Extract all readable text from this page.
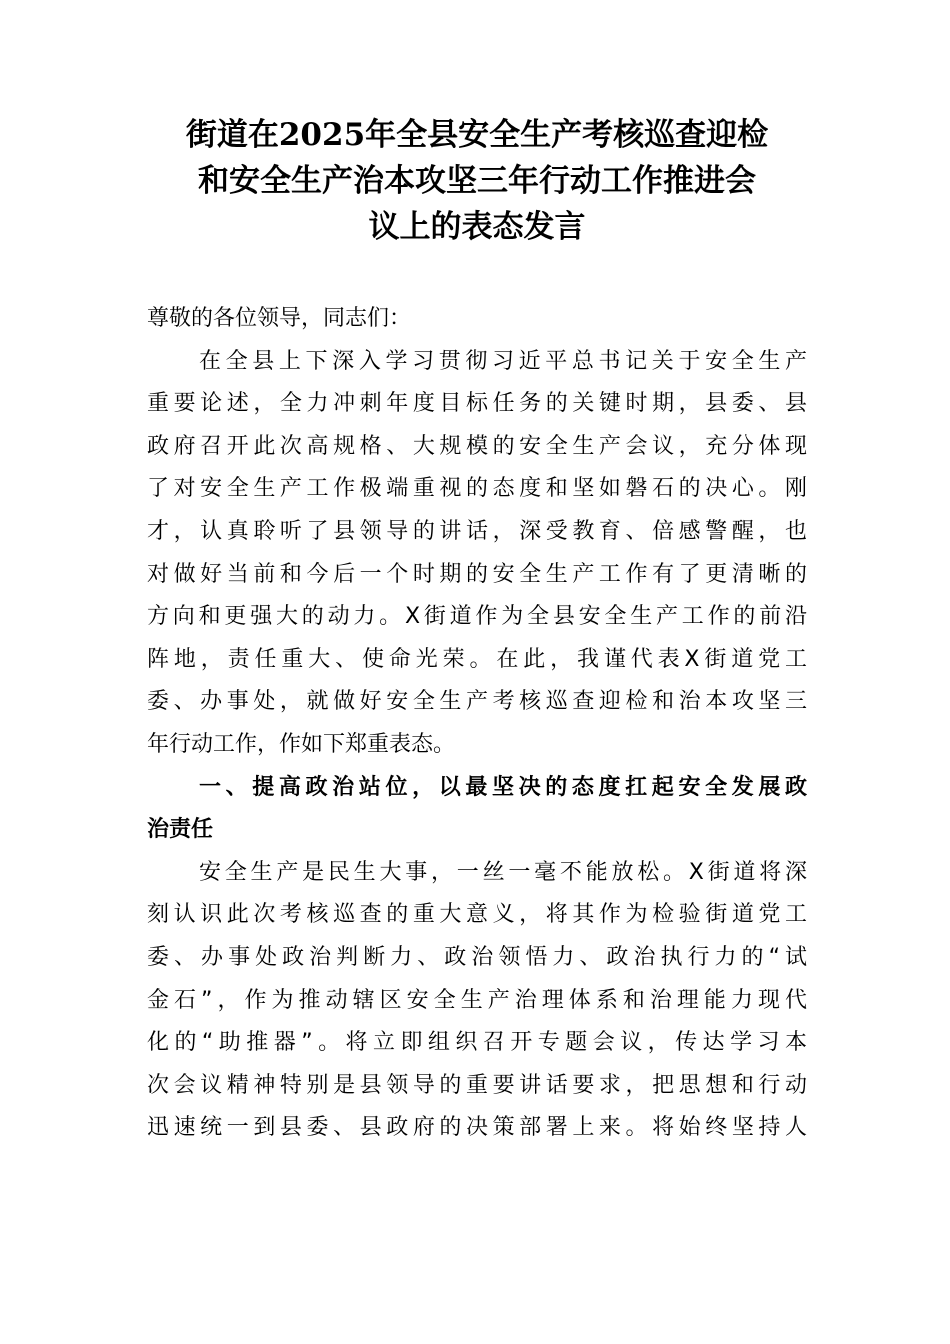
街道在2025年全县安全生产考核巡查迎检
和安全生产治本攻坚三年行动工作推进会
议上的表态发言
尊敬的各位领导，同志们：
在全县上下深入学习贯彻习近平总书记关于安全生产
重要论述，全力冲刺年度目标任务的关键时期，县委、县
政府召开此次高规格、大规模的安全生产会议，充分体现
了对安全生产工作极端重视的态度和坚如磐石的决心。刚
才，认真聆听了县领导的讲话，深受教育、倍感警醒，也
对做好当前和今后一个时期的安全生产工作有了更清晰的
方向和更强大的动力。X街道作为全县安全生产工作的前沿
阵地，责任重大、使命光荣。在此，我谨代表X街道党工
委、办事处，就做好安全生产考核巡查迎检和治本攻坚三
年行动工作，作如下郑重表态。
一、提高政治站位，以最坚决的态度扛起安全发展政
治责任
安全生产是民生大事，一丝一毫不能放松。X街道将深
刻认识此次考核巡查的重大意义，将其作为检验街道党工
委、办事处政治判断力、政治领悟力、政治执行力的“试
金石”，作为推动辖区安全生产治理体系和治理能力现代
化的“助推器”。将立即组织召开专题会议，传达学习本
次会议精神特别是县领导的重要讲话要求，把思想和行动
迅速统一到县委、县政府的决策部署上来。将始终坚持人
